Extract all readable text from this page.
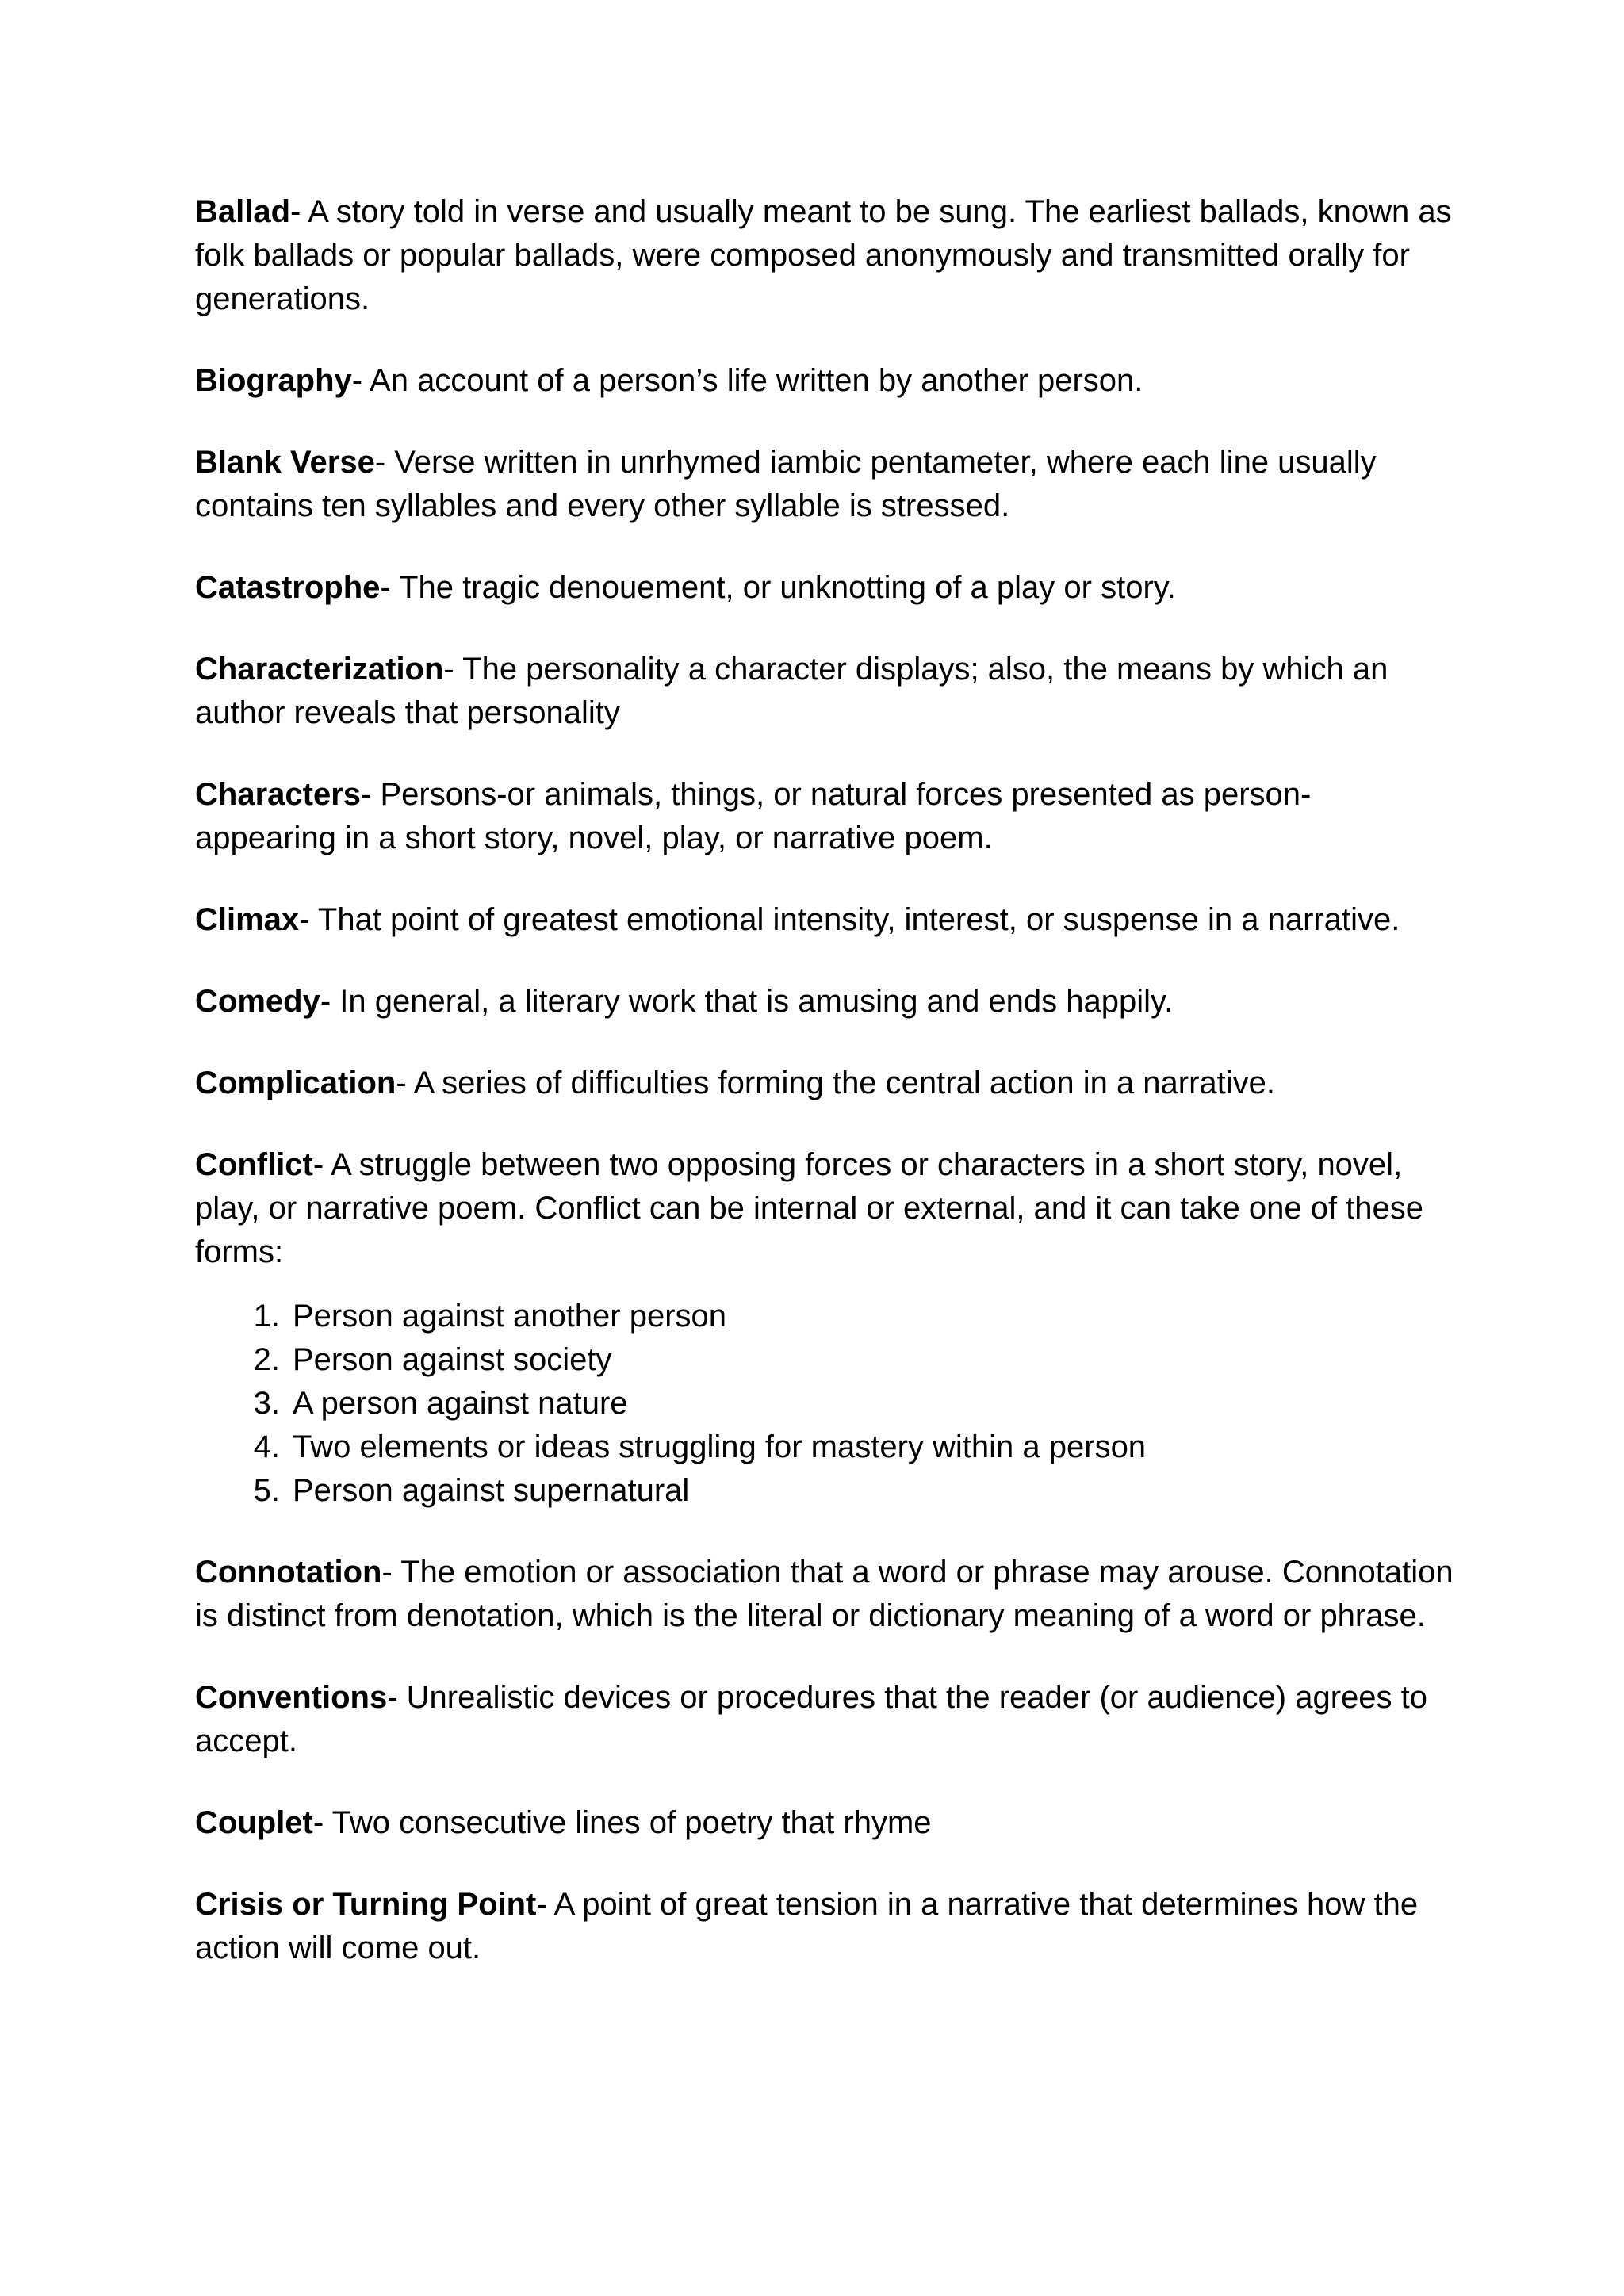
Ballad- A story told in verse and usually meant to be sung. The earliest ballads, known as folk ballads or popular ballads, were composed anonymously and transmitted orally for generations.

Biography- An account of a person’s life written by another person.

Blank Verse- Verse written in unrhymed iambic pentameter, where each line usually contains ten syllables and every other syllable is stressed.

Catastrophe- The tragic denouement, or unknotting of a play or story.

Characterization- The personality a character displays; also, the means by which an author reveals that personality

Characters- Persons-or animals, things, or natural forces presented as person- appearing in a short story, novel, play, or narrative poem.

Climax- That point of greatest emotional intensity, interest, or suspense in a narrative.

Comedy- In general, a literary work that is amusing and ends happily.

Complication- A series of difficulties forming the central action in a narrative.

Conflict- A struggle between two opposing forces or characters in a short story, novel, play, or narrative poem. Conflict can be internal or external, and it can take one of these forms:

1. Person against another person
2. Person against society
3. A person against nature
4. Two elements or ideas struggling for mastery within a person
5. Person against supernatural

Connotation- The emotion or association that a word or phrase may arouse. Connotation is distinct from denotation, which is the literal or dictionary meaning of a word or phrase.

Conventions- Unrealistic devices or procedures that the reader (or audience) agrees to accept.

Couplet- Two consecutive lines of poetry that rhyme

Crisis or Turning Point- A point of great tension in a narrative that determines how the action will come out.
